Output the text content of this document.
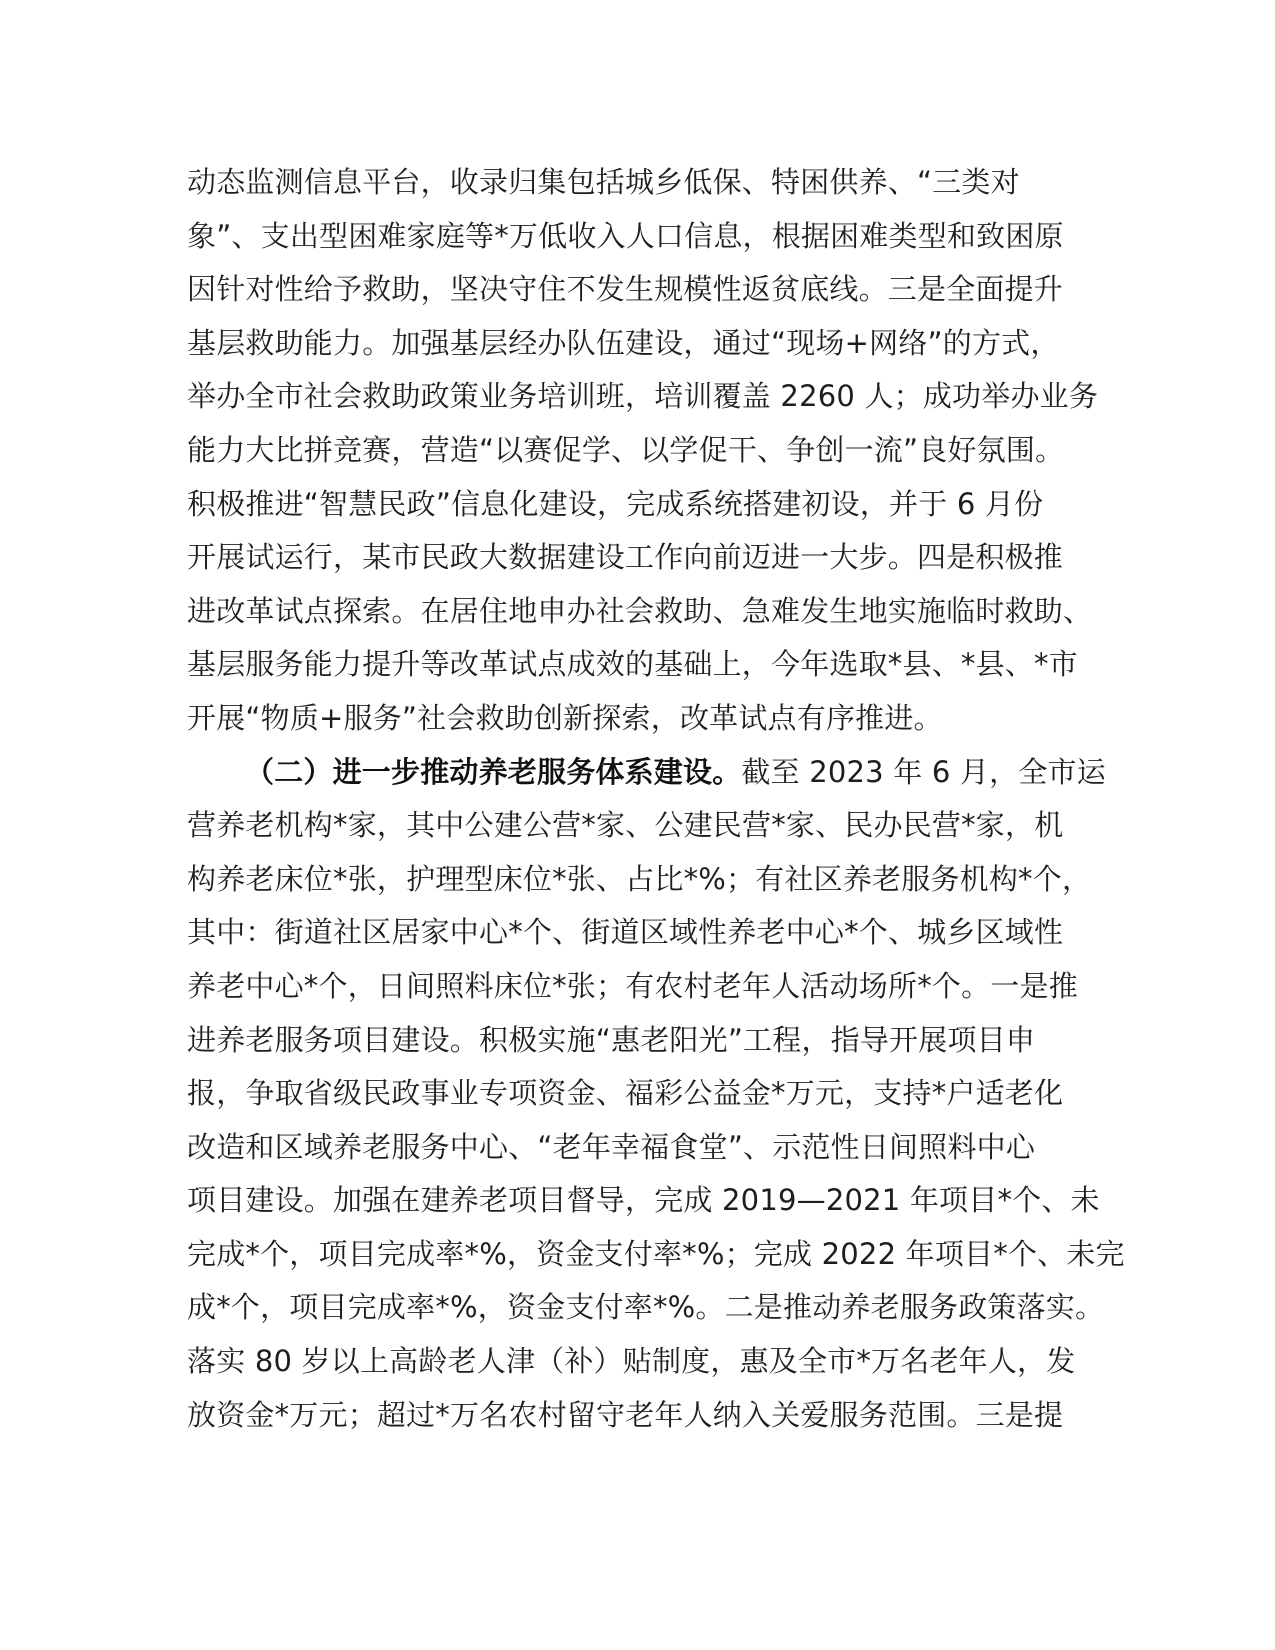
动态监测信息平台，收录归集包括城乡低保、特困供养、“三类对
象”、支出型困难家庭等*万低收入人口信息，根据困难类型和致困原
因针对性给予救助，坚决守住不发生规模性返贫底线。三是全面提升
基层救助能力。加强基层经办队伍建设，通过“现场+网络”的方式，
举办全市社会救助政策业务培训班，培训覆盖 2260 人；成功举办业务
能力大比拼竞赛，营造“以赛促学、以学促干、争创一流”良好氛围。
积极推进“智慧民政”信息化建设，完成系统搭建初设，并于 6 月份
开展试运行，某市民政大数据建设工作向前迈进一大步。四是积极推
进改革试点探索。在居住地申办社会救助、急难发生地实施临时救助、
基层服务能力提升等改革试点成效的基础上，今年选取*县、*县、*市
开展“物质+服务”社会救助创新探索，改革试点有序推进。
（二）进一步推动养老服务体系建设。截至 2023 年 6 月，全市运
营养老机构*家，其中公建公营*家、公建民营*家、民办民营*家，机
构养老床位*张，护理型床位*张、占比*%；有社区养老服务机构*个，
其中：街道社区居家中心*个、街道区域性养老中心*个、城乡区域性
养老中心*个，日间照料床位*张；有农村老年人活动场所*个。一是推
进养老服务项目建设。积极实施“惠老阳光”工程，指导开展项目申
报，争取省级民政事业专项资金、福彩公益金*万元，支持*户适老化
改造和区域养老服务中心、“老年幸福食堂”、示范性日间照料中心
项目建设。加强在建养老项目督导，完成 2019—2021 年项目*个、未
完成*个，项目完成率*%，资金支付率*%；完成 2022 年项目*个、未完
成*个，项目完成率*%，资金支付率*%。二是推动养老服务政策落实。
落实 80 岁以上高龄老人津（补）贴制度，惠及全市*万名老年人，发
放资金*万元；超过*万名农村留守老年人纳入关爱服务范围。三是提
